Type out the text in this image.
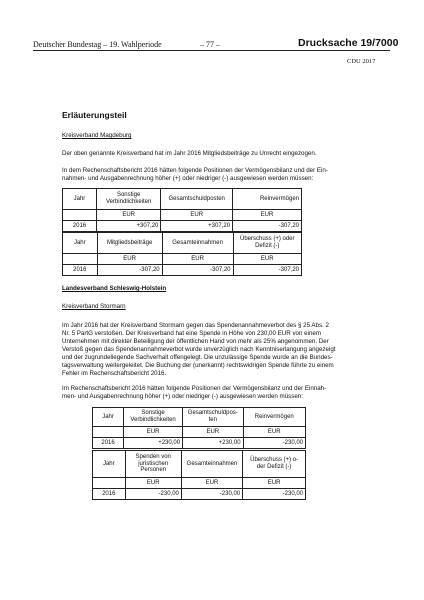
Deutscher Bundestag – 19. Wahlperiode	– 77 –	Drucksache 19/7000
CDU 2017
Erläuterungsteil
Kreisverband Magdeburg
Der oben genannte Kreisverband hat im Jahr 2016 Mitgliedsbeiträge zu Unrecht eingezogen.
In dem Rechenschaftsbericht 2016 hätten folgende Positionen der Vermögensbilanz und der Ein-
nahmen- und Ausgabenrechnung höher (+) oder niedriger (-) ausgewiesen werden müssen:
Jahr	Sonstige Verbindlichkeiten	Gesamtschuldposten	Reinvermögen
	EUR	EUR	EUR
2016	+307,20	+307,20	-307,20
Jahr	Mitgliedsbeiträge	Gesamteinnahmen	Überschuss (+) oder Defizit (-)
	EUR	EUR	EUR
2016	-307,20	-307,20	-307,20
Landesverband Schleswig-Holstein
Kreisverband Stormarn
Im Jahr 2016 hat der Kreisverband Stormarn gegen das Spendenannahmeverbot des § 25 Abs. 2
Nr. 5 PartG verstoßen. Der Kreisverband hat eine Spende in Höhe von 230,00 EUR von einem
Unternehmen mit direkter Beteiligung der öffentlichen Hand von mehr als 25% angenommen. Der
Verstoß gegen das Spendenannahmeverbot wurde unverzüglich nach Kenntniserlangung angezeigt
und der zugrundeliegende Sachverhalt offengelegt. Die unzulässige Spende wurde an die Bundes-
tagsverwaltung weitergeleitet. Die Buchung der (unerkannt) rechtswidrigen Spende führte zu einem
Fehler im Rechenschaftsbericht 2016.
Im Rechenschaftsbericht 2016 hätten folgende Positionen der Vermögensbilanz und der Einnah-
men- und Ausgabenrechnung höher (+) oder niedriger (-) ausgewiesen werden müssen:
Jahr	Sonstige Verbindlichkeiten	Gesamtschuldpos- ten	Reinvermögen
	EUR	EUR	EUR
2016	+230,00	+230,00	-230,00
Jahr	Spenden von juristischen Personen	Gesamteinnahmen	Überschuss (+) o- der Defizit (-)
	EUR	EUR	EUR
2016	-230,00	-230,00	-230,00
